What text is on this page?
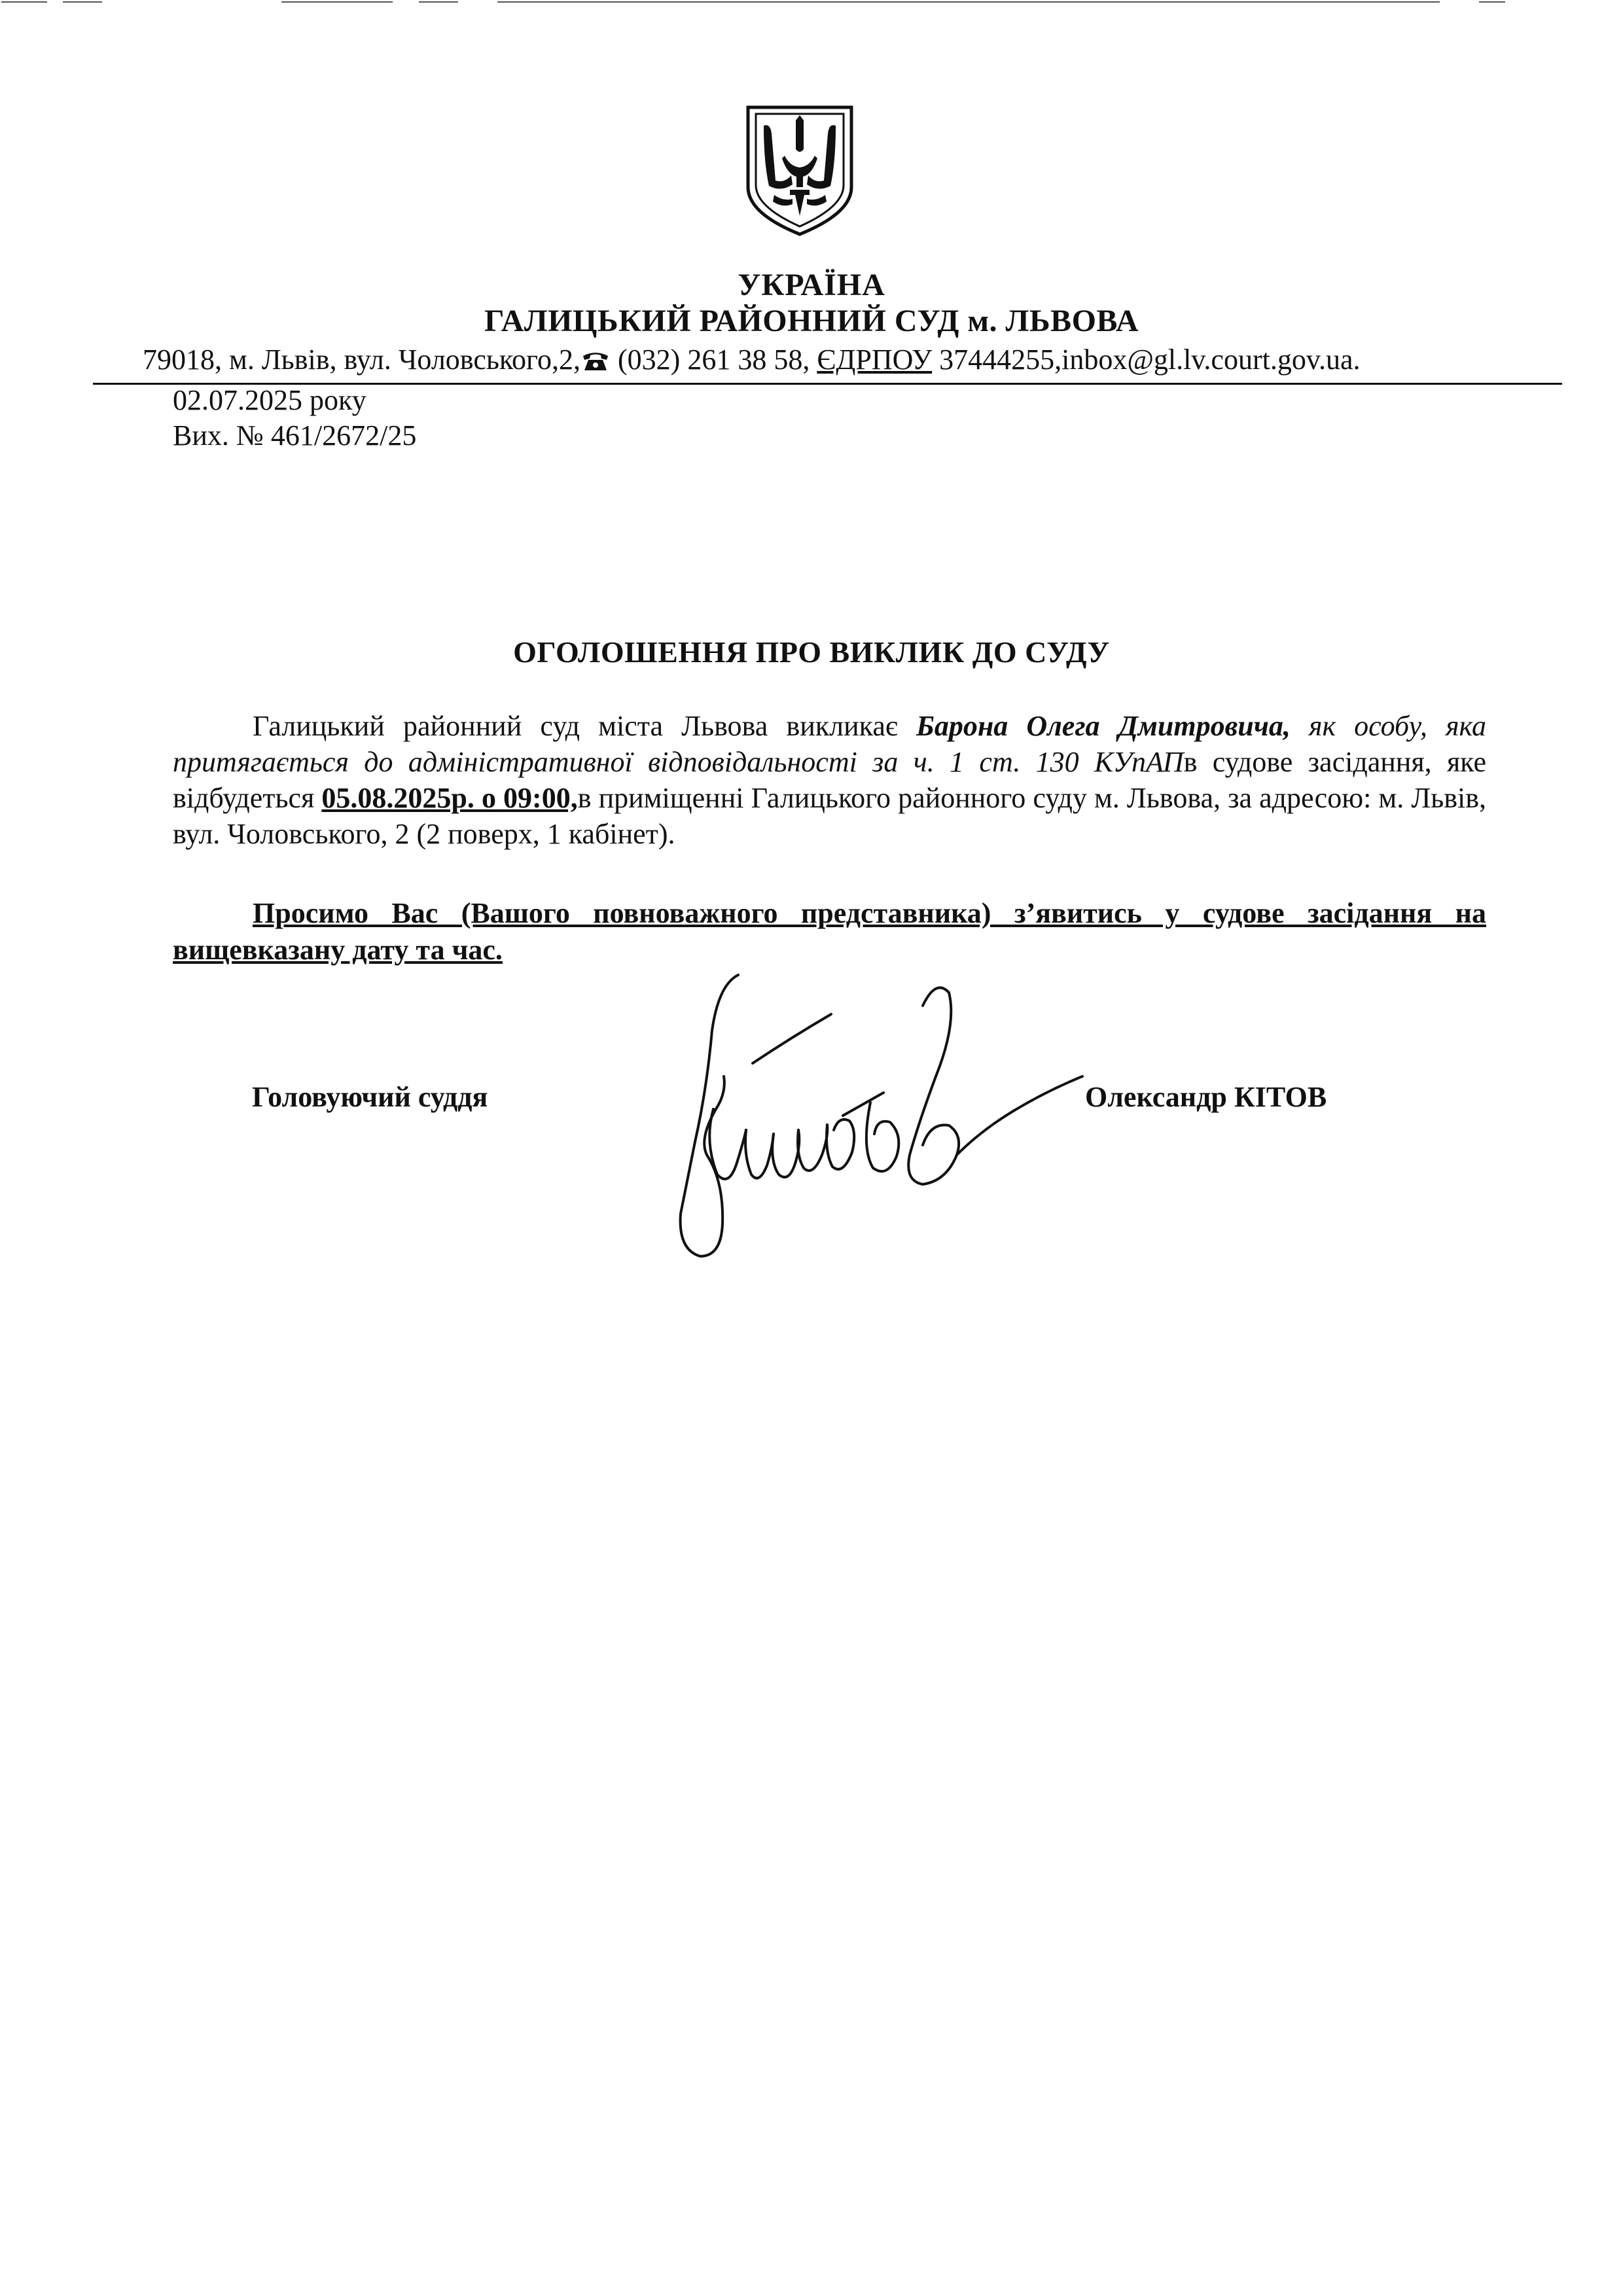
УКРАЇНА
ГАЛИЦЬКИЙ РАЙОННИЙ СУД м. ЛЬВОВА
79018, м. Львів, вул. Чоловського,2, (032) 261 38 58, ЄДРПОУ 37444255,inbox@gl.lv.court.gov.ua.
02.07.2025 року
Вих. № 461/2672/25
ОГОЛОШЕННЯ ПРО ВИКЛИК ДО СУДУ
Галицький районний суд міста Львова викликає Барона Олега Дмитровича, як особу, яка притягається до адміністративної відповідальності за ч. 1 ст. 130 КУпАПв судове засідання, яке відбудеться 05.08.2025р. о 09:00,в приміщенні Галицького районного суду м. Львова, за адресою: м. Львів, вул. Чоловського, 2 (2 поверх, 1 кабінет).
Просимо Вас (Вашого повноважного представника) з’явитись у судове засідання на вищевказану дату та час.
Головуючий суддя	Олександр КІТОВ
